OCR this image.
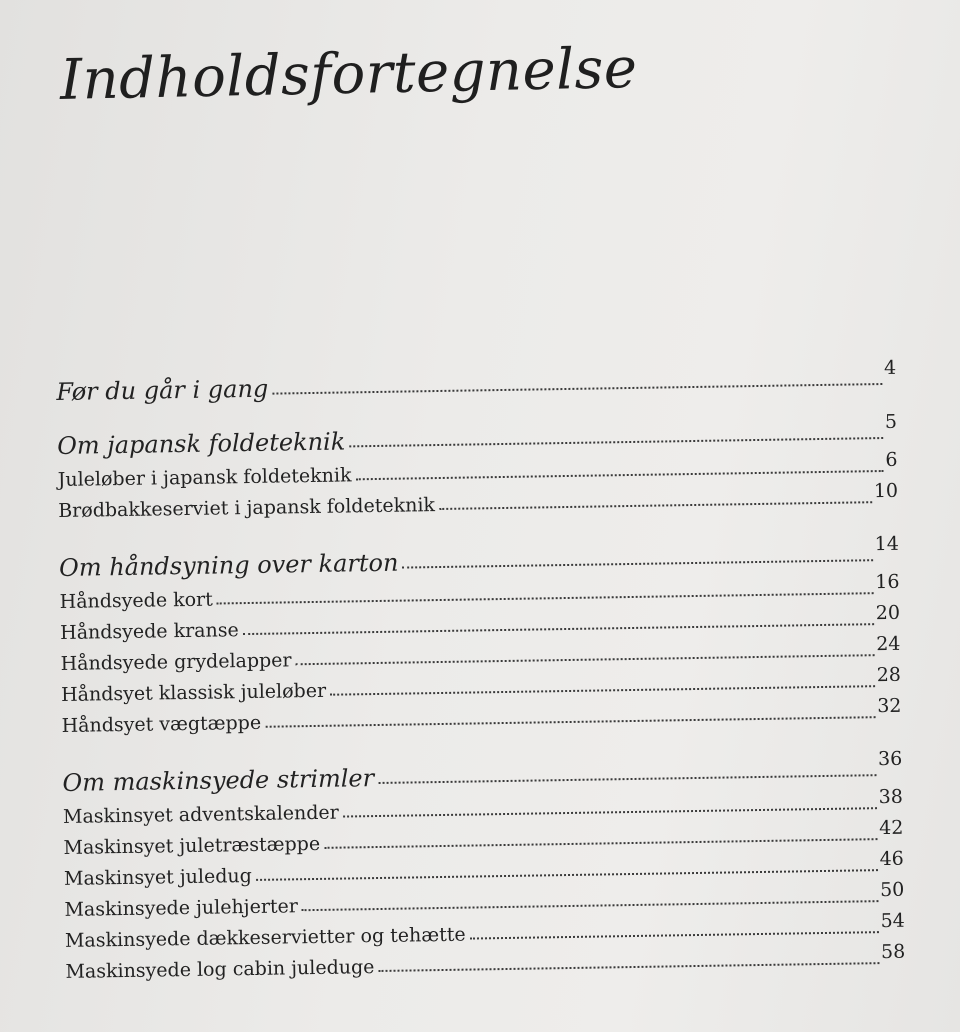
Indholdsfortegnelse
Før du går i gang
4
Om japansk foldeteknik
5
Juleløber i japansk foldeteknik
6
Brødbakkeserviet i japansk foldeteknik
10
Om håndsyning over karton
14
Håndsyede kort
16
Håndsyede kranse
20
Håndsyede grydelapper
24
Håndsyet klassisk juleløber
28
Håndsyet vægtæppe
32
Om maskinsyede strimler
36
Maskinsyet adventskalender
38
Maskinsyet juletræstæppe
42
Maskinsyet juledug
46
Maskinsyede julehjerter
50
Maskinsyede dækkeservietter og tehætte
54
Maskinsyede log cabin juleduge
58
